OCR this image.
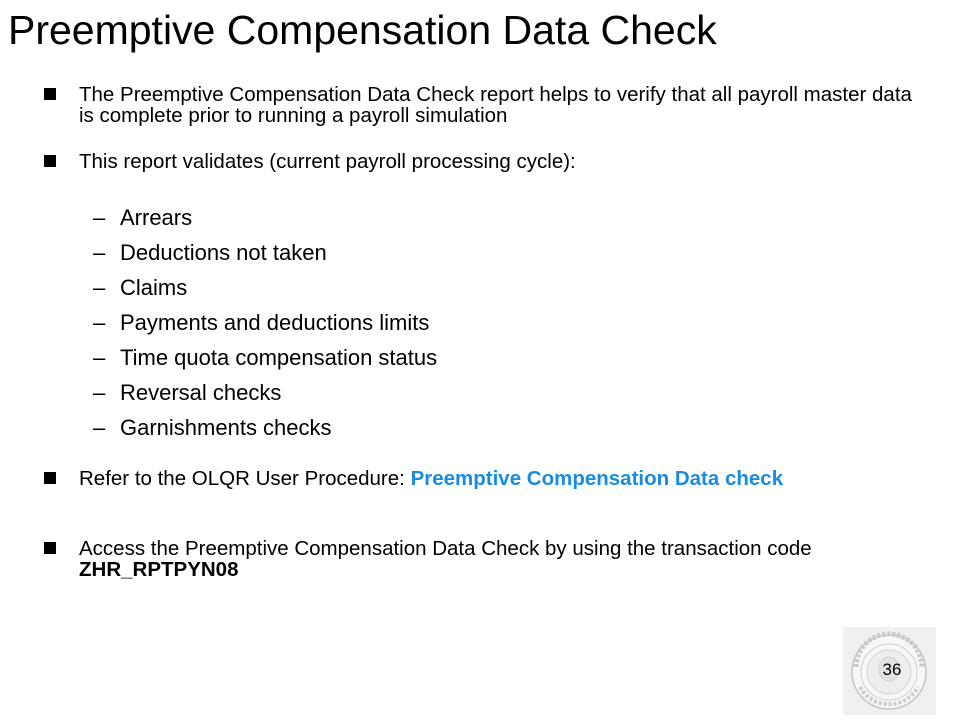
Preemptive Compensation Data Check
The Preemptive Compensation Data Check report helps to verify that all payroll master data is complete prior to running a payroll simulation
This report validates (current payroll processing cycle):
– Arrears
– Deductions not taken
– Claims
– Payments and deductions limits
– Time quota compensation status
– Reversal checks
– Garnishments checks
Refer to the OLQR User Procedure: Preemptive Compensation Data check
Access the Preemptive Compensation Data Check by using the transaction code ZHR_RPTPYN08
36
